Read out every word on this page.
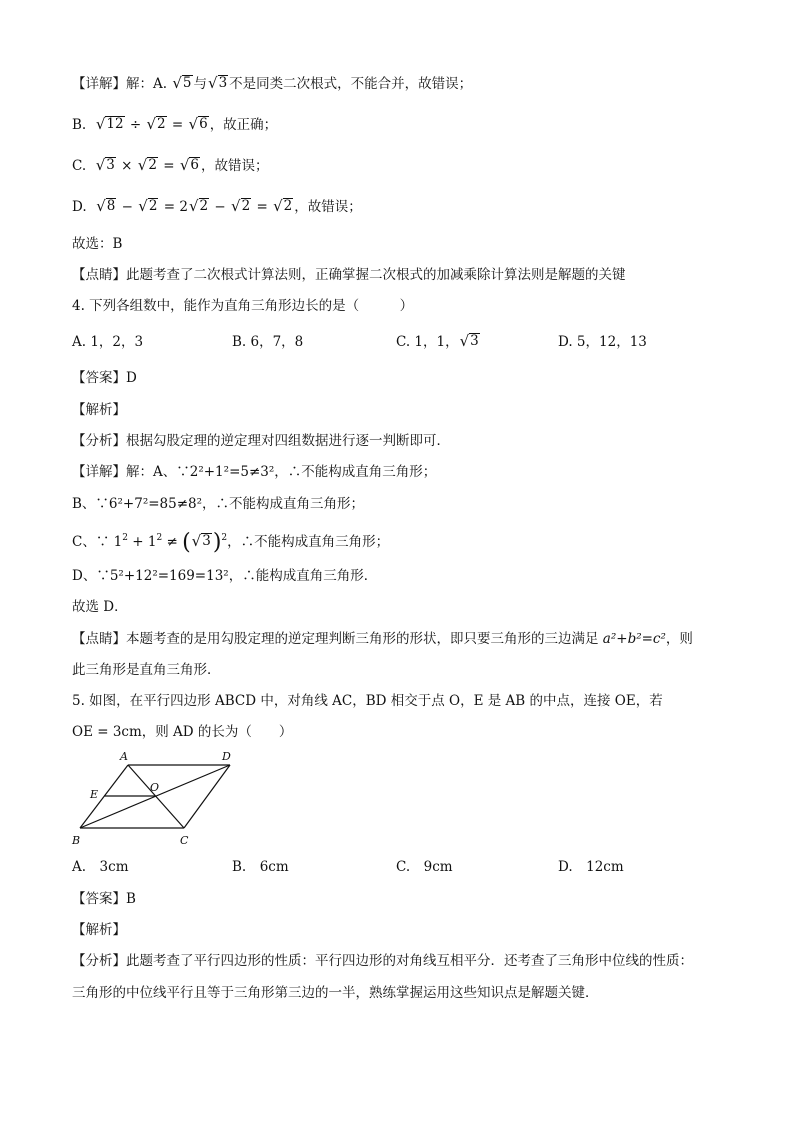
【详解】解：A. √ 5 与 √ 3 不是同类二次根式，不能合并，故错误；
B. √ 12 ÷ √ 2 = √ 6 ，故正确；
C. √ 3 × √ 2 = √ 6 ，故错误；
D. √ 8 − √ 2 = 2 √ 2 − √ 2 = √ 2 ，故错误；
故选：B
【点睛】此题考查了二次根式计算法则，正确掌握二次根式的加减乘除计算法则是解题的关键
4. 下列各组数中，能作为直角三角形边长的是（　　　）
A. 1，2，3	B. 6，7，8	C. 1，1， √ 3	D. 5，12，13
【答案】D
【解析】
【分析】根据勾股定理的逆定理对四组数据进行逐一判断即可．
【详解】解：A、∵2²+1²=5≠3²，∴不能构成直角三角形；
B、∵6²+7²=85≠8²，∴不能构成直角三角形；
C、∵ $1^2 + 1^2$ ≠ ( √ 3 )$^2$，∴不能构成直角三角形；
D、∵5²+12²=169=13²，∴能构成直角三角形．
故选 D．
【点睛】本题考查的是用勾股定理的逆定理判断三角形的形状，即只要三角形的三边满足 a²+b²=c²，则
此三角形是直角三角形．
5. 如图，在平行四边形 ABCD 中，对角线 AC，BD 相交于点 O，E 是 AB 的中点，连接 OE，若
OE = 3cm，则 AD 的长为（　　）
A	D
E
O
B	C
A.　3cm	B.　6cm	C.　9cm	D.　12cm
【答案】B
【解析】
【分析】此题考查了平行四边形的性质：平行四边形的对角线互相平分．还考查了三角形中位线的性质：
三角形的中位线平行且等于三角形第三边的一半，熟练掌握运用这些知识点是解题关键．
